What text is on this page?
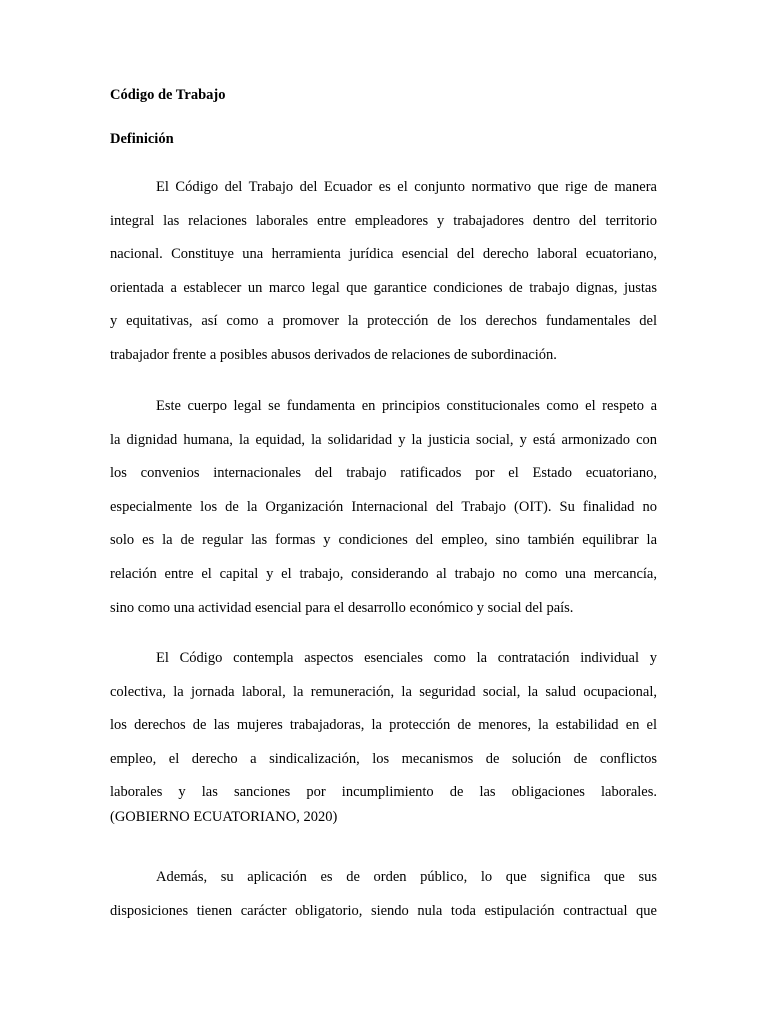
Código de Trabajo
Definición
El Código del Trabajo del Ecuador es el conjunto normativo que rige de manera
integral las relaciones laborales entre empleadores y trabajadores dentro del territorio
nacional. Constituye una herramienta jurídica esencial del derecho laboral ecuatoriano,
orientada a establecer un marco legal que garantice condiciones de trabajo dignas, justas
y equitativas, así como a promover la protección de los derechos fundamentales del
trabajador frente a posibles abusos derivados de relaciones de subordinación.
Este cuerpo legal se fundamenta en principios constitucionales como el respeto a
la dignidad humana, la equidad, la solidaridad y la justicia social, y está armonizado con
los convenios internacionales del trabajo ratificados por el Estado ecuatoriano,
especialmente los de la Organización Internacional del Trabajo (OIT). Su finalidad no
solo es la de regular las formas y condiciones del empleo, sino también equilibrar la
relación entre el capital y el trabajo, considerando al trabajo no como una mercancía,
sino como una actividad esencial para el desarrollo económico y social del país.
El Código contempla aspectos esenciales como la contratación individual y
colectiva, la jornada laboral, la remuneración, la seguridad social, la salud ocupacional,
los derechos de las mujeres trabajadoras, la protección de menores, la estabilidad en el
empleo, el derecho a sindicalización, los mecanismos de solución de conflictos
laborales y las sanciones por incumplimiento de las obligaciones laborales.
(GOBIERNO ECUATORIANO, 2020)
Además, su aplicación es de orden público, lo que significa que sus
disposiciones tienen carácter obligatorio, siendo nula toda estipulación contractual que
